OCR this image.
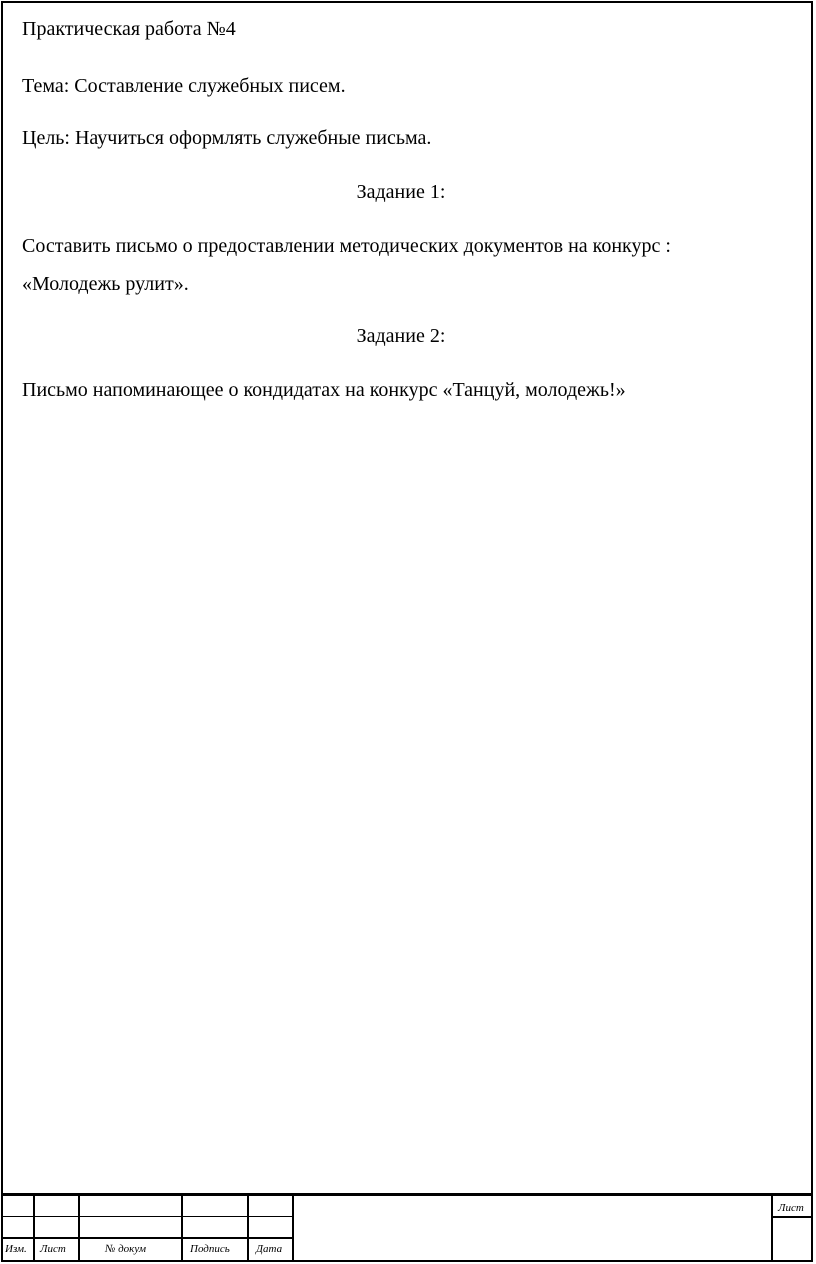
Практическая работа №4
Тема: Составление служебных писем.
Цель: Научиться оформлять служебные письма.
Задание 1:
Составить письмо о предоставлении методических документов на конкурс :
«Молодежь рулит».
Задание 2:
Письмо напоминающее о кондидатах на конкурс «Танцуй, молодежь!»
Изм. Лист	№ докум	Подпись Дата
Лист
